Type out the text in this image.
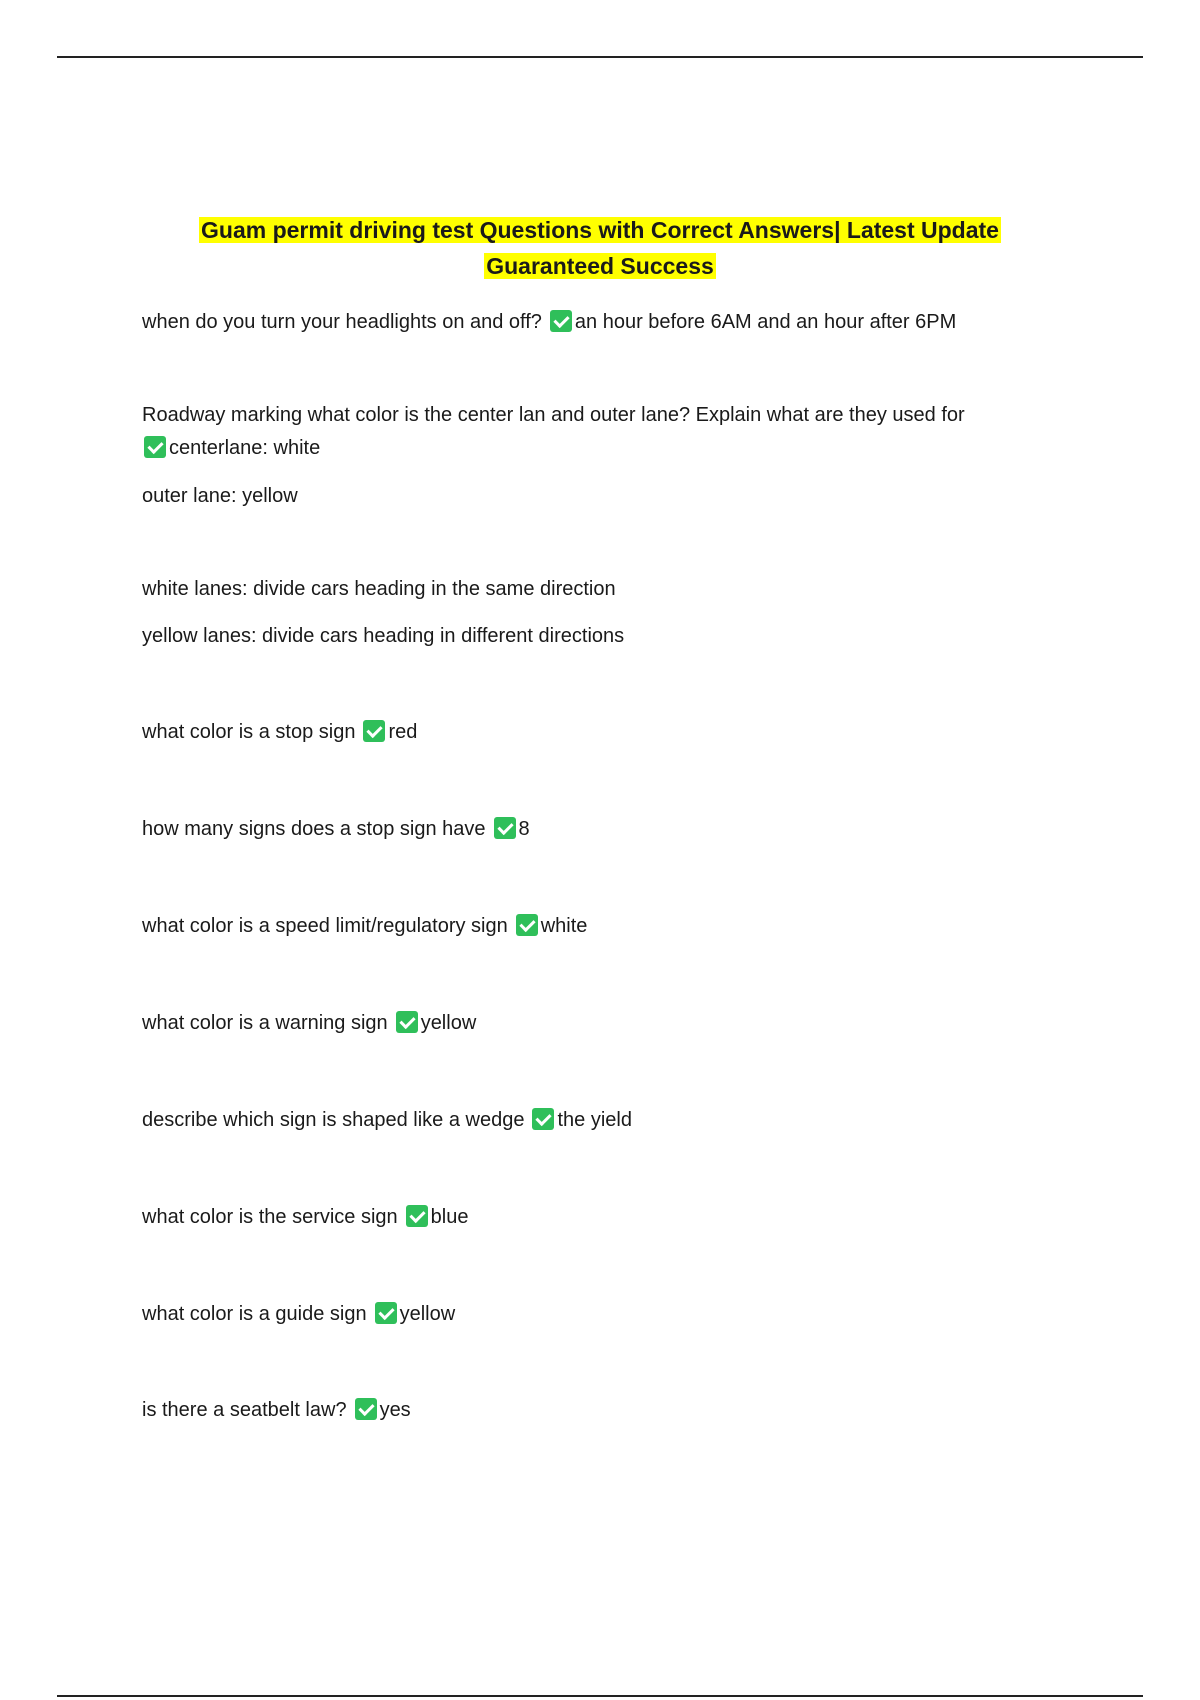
Guam permit driving test Questions with Correct Answers| Latest Update
Guaranteed Success
when do you turn your headlights on and off? an hour before 6AM and an hour after 6PM
Roadway marking what color is the center lan and outer lane? Explain what are they used for
centerlane: white
outer lane: yellow
white lanes: divide cars heading in the same direction
yellow lanes: divide cars heading in different directions
what color is a stop sign red
how many signs does a stop sign have 8
what color is a speed limit/regulatory sign white
what color is a warning sign yellow
describe which sign is shaped like a wedge the yield
what color is the service sign blue
what color is a guide sign yellow
is there a seatbelt law? yes
